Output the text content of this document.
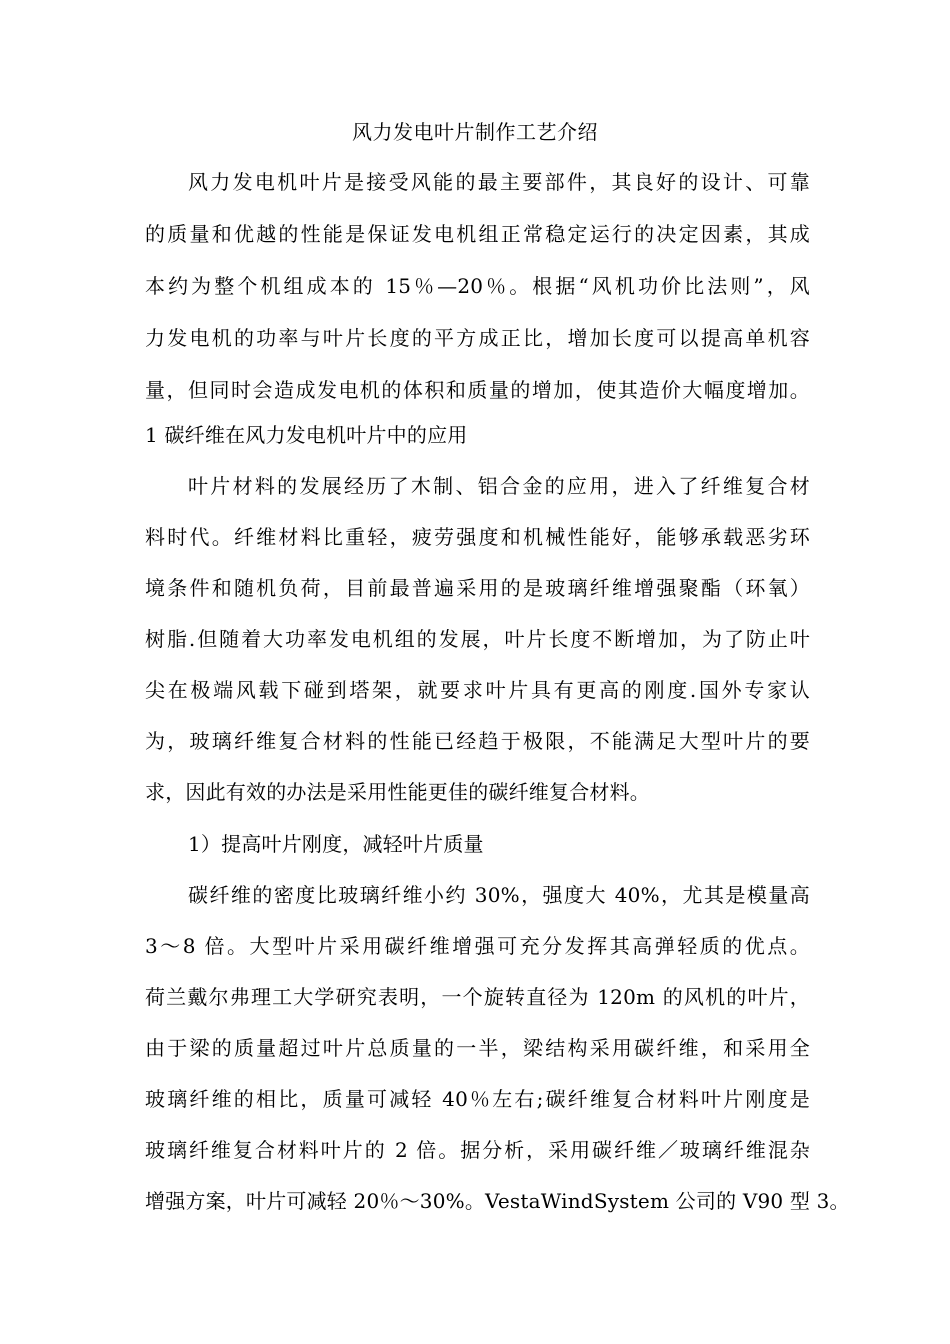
风力发电叶片制作工艺介绍
风力发电机叶片是接受风能的最主要部件，其良好的设计、可靠
的质量和优越的性能是保证发电机组正常稳定运行的决定因素，其成
本约为整个机组成本的 15％—20％。根据“风机功价比法则”，风
力发电机的功率与叶片长度的平方成正比，增加长度可以提高单机容
量，但同时会造成发电机的体积和质量的增加，使其造价大幅度增加。
1 碳纤维在风力发电机叶片中的应用
叶片材料的发展经历了木制、铝合金的应用，进入了纤维复合材
料时代。纤维材料比重轻，疲劳强度和机械性能好，能够承载恶劣环
境条件和随机负荷，目前最普遍采用的是玻璃纤维增强聚酯（环氧）
树脂.但随着大功率发电机组的发展，叶片长度不断增加，为了防止叶
尖在极端风载下碰到塔架，就要求叶片具有更高的刚度.国外专家认
为，玻璃纤维复合材料的性能已经趋于极限，不能满足大型叶片的要
求，因此有效的办法是采用性能更佳的碳纤维复合材料。
1）提高叶片刚度，减轻叶片质量
碳纤维的密度比玻璃纤维小约 30%，强度大 40%，尤其是模量高
3～8 倍。大型叶片采用碳纤维增强可充分发挥其高弹轻质的优点。
荷兰戴尔弗理工大学研究表明，一个旋转直径为 120m 的风机的叶片，
由于梁的质量超过叶片总质量的一半，梁结构采用碳纤维，和采用全
玻璃纤维的相比，质量可减轻 40％左右;碳纤维复合材料叶片刚度是
玻璃纤维复合材料叶片的 2 倍。据分析，采用碳纤维／玻璃纤维混杂
增强方案，叶片可减轻 20％～30%。VestaWindSystem 公司的 V90 型 3。
